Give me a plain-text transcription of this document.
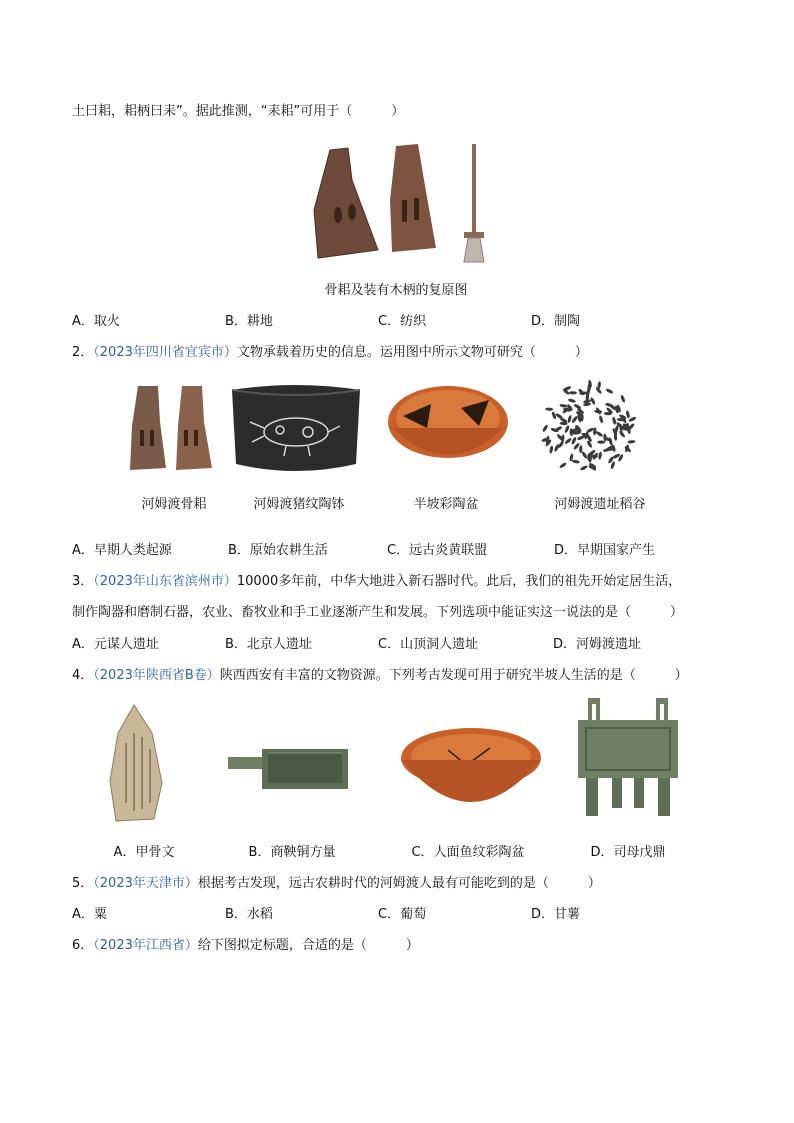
土曰耜，耜柄曰耒”。据此推测，“耒耜”可用于（　　　）
骨耜及装有木柄的复原图
A．取火	B．耕地	C．纺织	D．制陶
2．（2023年四川省宜宾市）文物承载着历史的信息。运用图中所示文物可研究（　　　）
河姆渡骨耜	河姆渡猪纹陶钵	半坡彩陶盆	河姆渡遗址稻谷
A．早期人类起源	B．原始农耕生活	C．远古炎黄联盟	D．早期国家产生
3．（2023年山东省滨州市）10000多年前，中华大地进入新石器时代。此后，我们的祖先开始定居生活，
制作陶器和磨制石器，农业、畜牧业和手工业逐渐产生和发展。下列选项中能证实这一说法的是（　　　）
A．元谋人遗址	B．北京人遗址	C．山顶洞人遗址	D．河姆渡遗址
4．（2023年陕西省B卷）陕西西安有丰富的文物资源。下列考古发现可用于研究半坡人生活的是（　　　）
A．甲骨文	B．商鞅铜方量	C．人面鱼纹彩陶盆	D．司母戊鼎
5．（2023年天津市）根据考古发现，远古农耕时代的河姆渡人最有可能吃到的是（　　　）
A．粟	B．水稻	C．葡萄	D．甘薯
6．（2023年江西省）给下图拟定标题，合适的是（　　　）
